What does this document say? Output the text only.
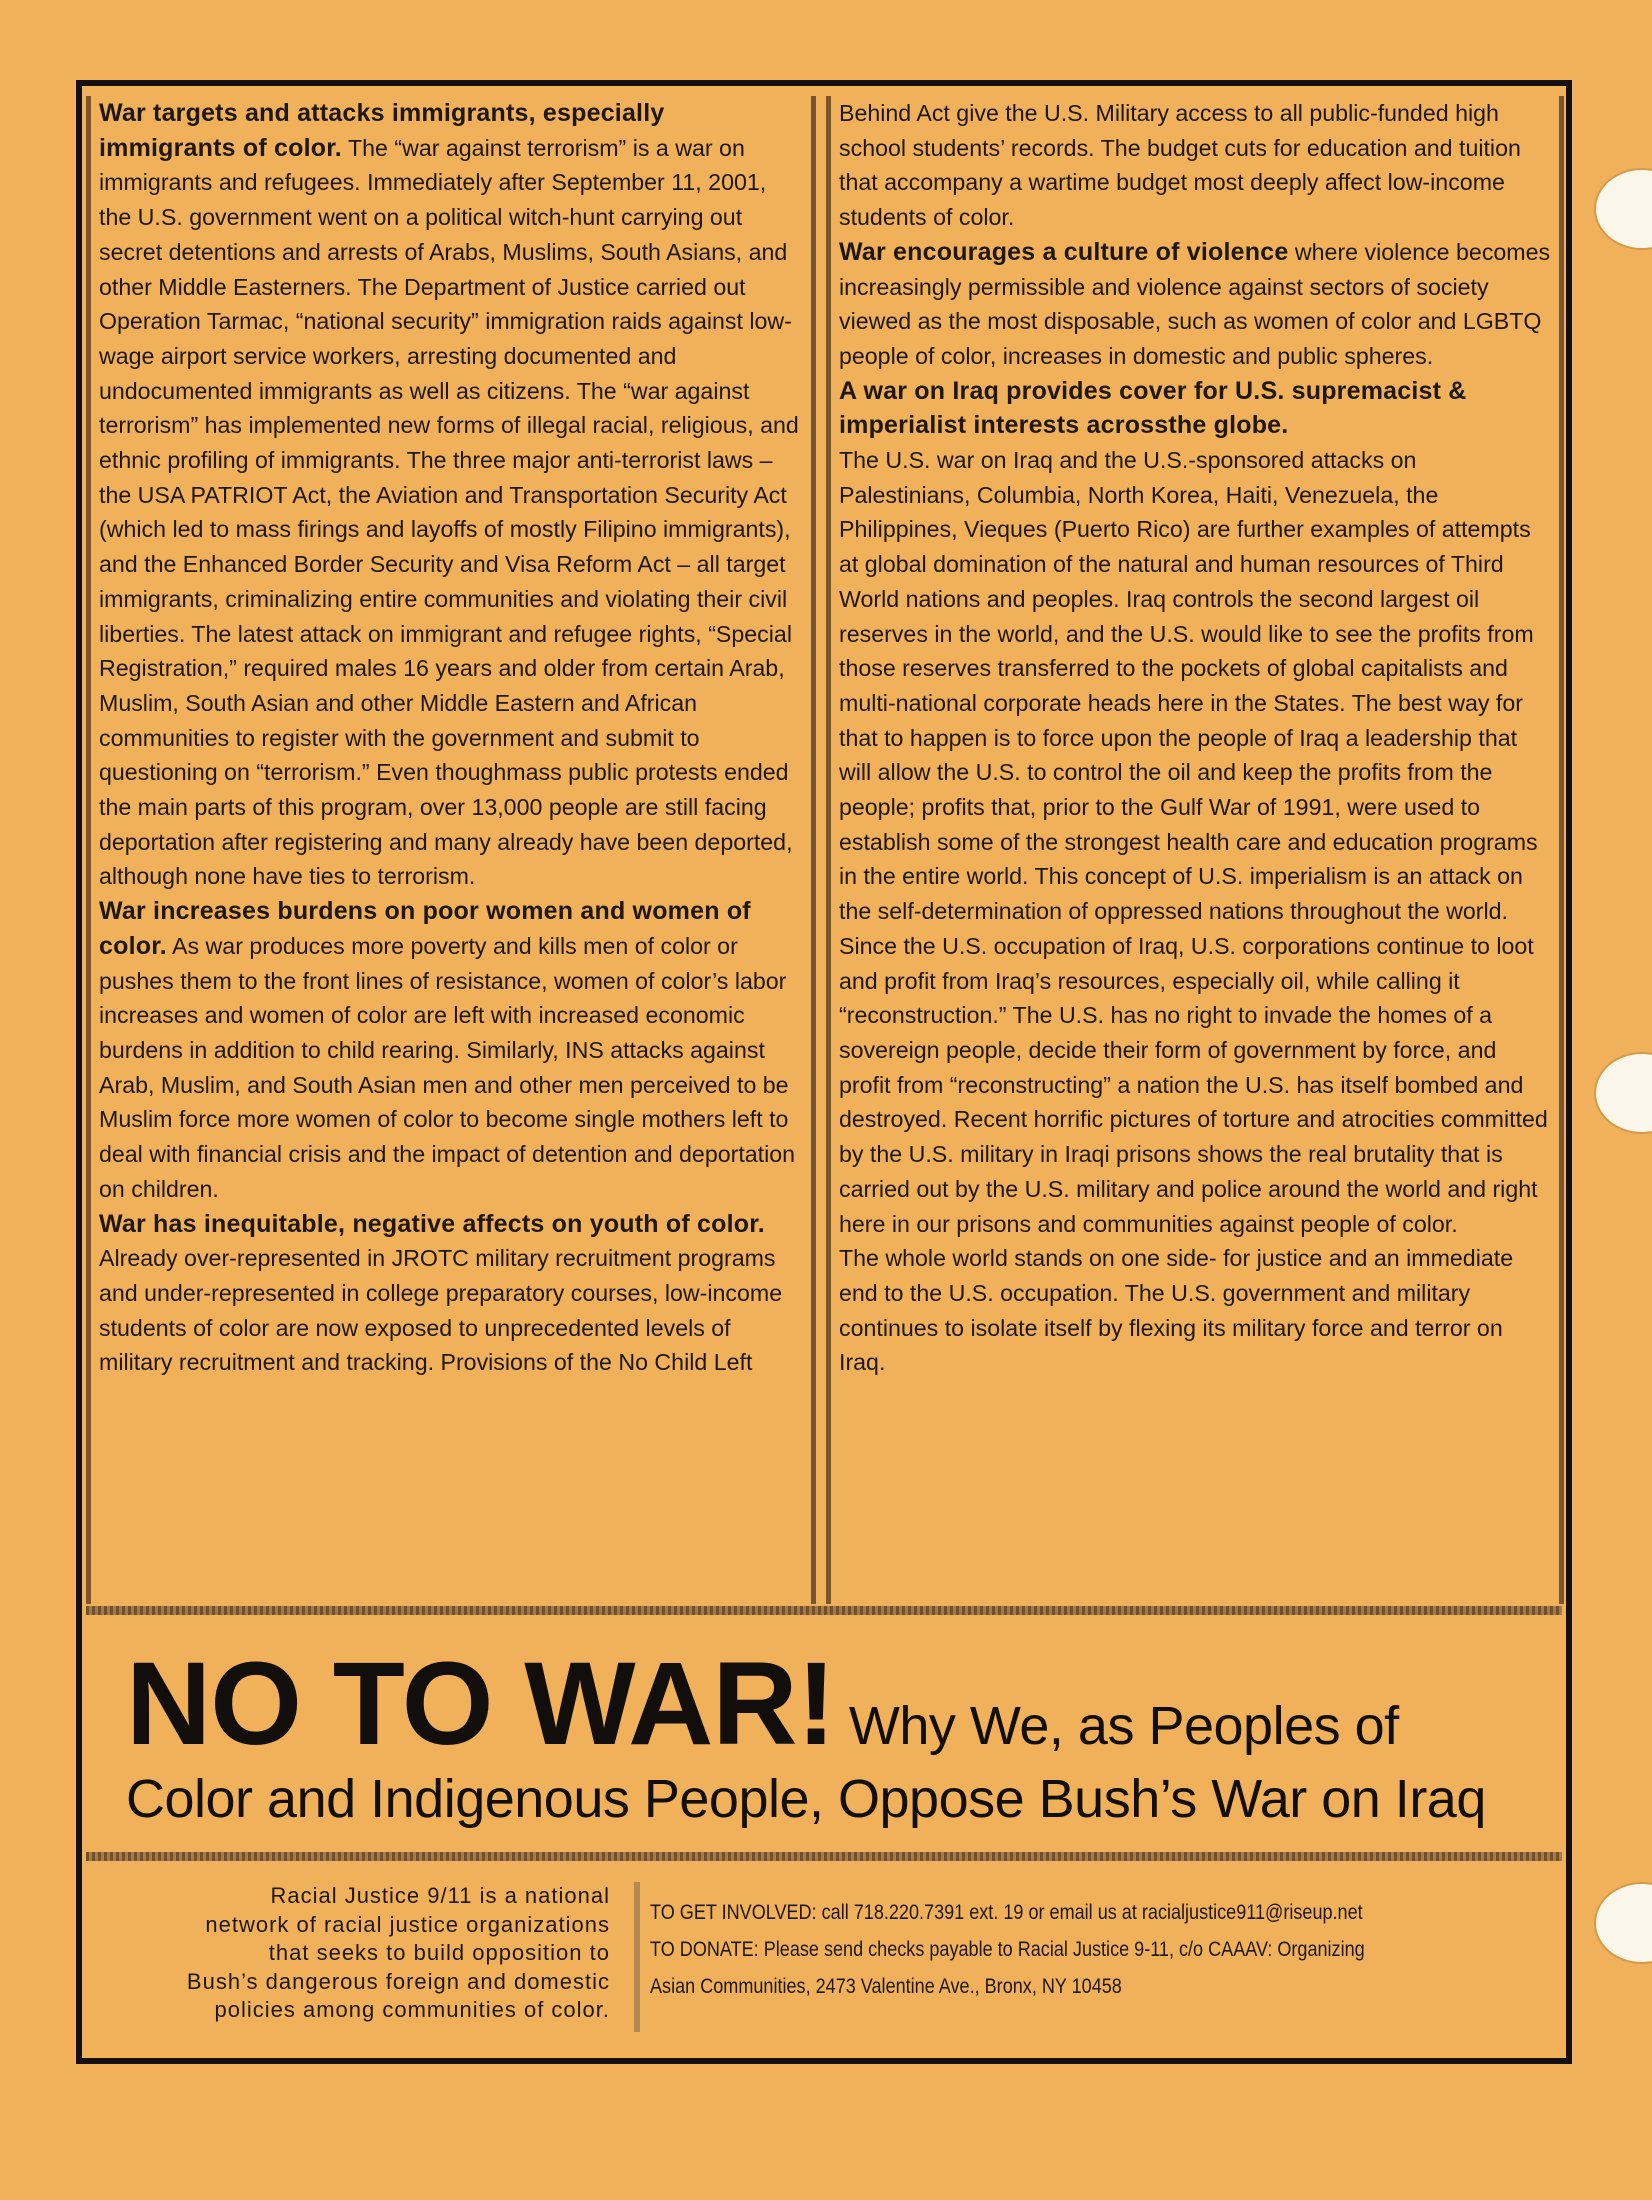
War targets and attacks immigrants, especially immigrants of color. The “war against terrorism” is a war on immigrants and refugees. Immediately after September 11, 2001, the U.S. government went on a political witch-hunt carrying out secret detentions and arrests of Arabs, Muslims, South Asians, and other Middle Easterners. The Department of Justice carried out Operation Tarmac, “national security” immigration raids against low-wage airport service workers, arresting documented and undocumented immigrants as well as citizens. The “war against terrorism” has implemented new forms of illegal racial, religious, and ethnic profiling of immigrants. The three major anti-terrorist laws – the USA PATRIOT Act, the Aviation and Transportation Security Act (which led to mass firings and layoffs of mostly Filipino immigrants), and the Enhanced Border Security and Visa Reform Act – all target immigrants, criminalizing entire communities and violating their civil liberties. The latest attack on immigrant and refugee rights, “Special Registration,” required males 16 years and older from certain Arab, Muslim, South Asian and other Middle Eastern and African communities to register with the government and submit to questioning on “terrorism.” Even thoughmass public protests ended the main parts of this program, over 13,000 people are still facing deportation after registering and many already have been deported, although none have ties to terrorism.

War increases burdens on poor women and women of color. As war produces more poverty and kills men of color or pushes them to the front lines of resistance, women of color’s labor increases and women of color are left with increased economic burdens in addition to child rearing. Similarly, INS attacks against Arab, Muslim, and South Asian men and other men perceived to be Muslim force more women of color to become single mothers left to deal with financial crisis and the impact of detention and deportation on children.

War has inequitable, negative affects on youth of color. Already over-represented in JROTC military recruitment programs and under-represented in college preparatory courses, low-income students of color are now exposed to unprecedented levels of military recruitment and tracking. Provisions of the No Child Left

Behind Act give the U.S. Military access to all public-funded high school students’ records. The budget cuts for education and tuition that accompany a wartime budget most deeply affect low-income students of color.

War encourages a culture of violence where violence becomes increasingly permissible and violence against sectors of society viewed as the most disposable, such as women of color and LGBTQ people of color, increases in domestic and public spheres.

A war on Iraq provides cover for U.S. supremacist & imperialist interests acrossthe globe.

The U.S. war on Iraq and the U.S.-sponsored attacks on Palestinians, Columbia, North Korea, Haiti, Venezuela, the Philippines, Vieques (Puerto Rico) are further examples of attempts at global domination of the natural and human resources of Third World nations and peoples. Iraq controls the second largest oil reserves in the world, and the U.S. would like to see the profits from those reserves transferred to the pockets of global capitalists and multi-national corporate heads here in the States. The best way for that to happen is to force upon the people of Iraq a leadership that will allow the U.S. to control the oil and keep the profits from the people; profits that, prior to the Gulf War of 1991, were used to establish some of the strongest health care and education programs in the entire world. This concept of U.S. imperialism is an attack on the self-determination of oppressed nations throughout the world.

Since the U.S. occupation of Iraq, U.S. corporations continue to loot and profit from Iraq’s resources, especially oil, while calling it “reconstruction.” The U.S. has no right to invade the homes of a sovereign people, decide their form of government by force, and profit from “reconstructing” a nation the U.S. has itself bombed and destroyed. Recent horrific pictures of torture and atrocities committed by the U.S. military in Iraqi prisons shows the real brutality that is carried out by the U.S. military and police around the world and right here in our prisons and communities against people of color.

The whole world stands on one side- for justice and an immediate end to the U.S. occupation. The U.S. government and military continues to isolate itself by flexing its military force and terror on Iraq.

NO TO WAR! Why We, as Peoples of
Color and Indigenous People, Oppose Bush’s War on Iraq
Racial Justice 9/11 is a national
network of racial justice organizations
that seeks to build opposition to
Bush’s dangerous foreign and domestic
policies among communities of color.

TO GET INVOLVED: call 718.220.7391 ext. 19 or email us at racialjustice911@riseup.net

TO DONATE: Please send checks payable to Racial Justice 9-11, c/o CAAAV: Organizing

Asian Communities, 2473 Valentine Ave., Bronx, NY 10458
